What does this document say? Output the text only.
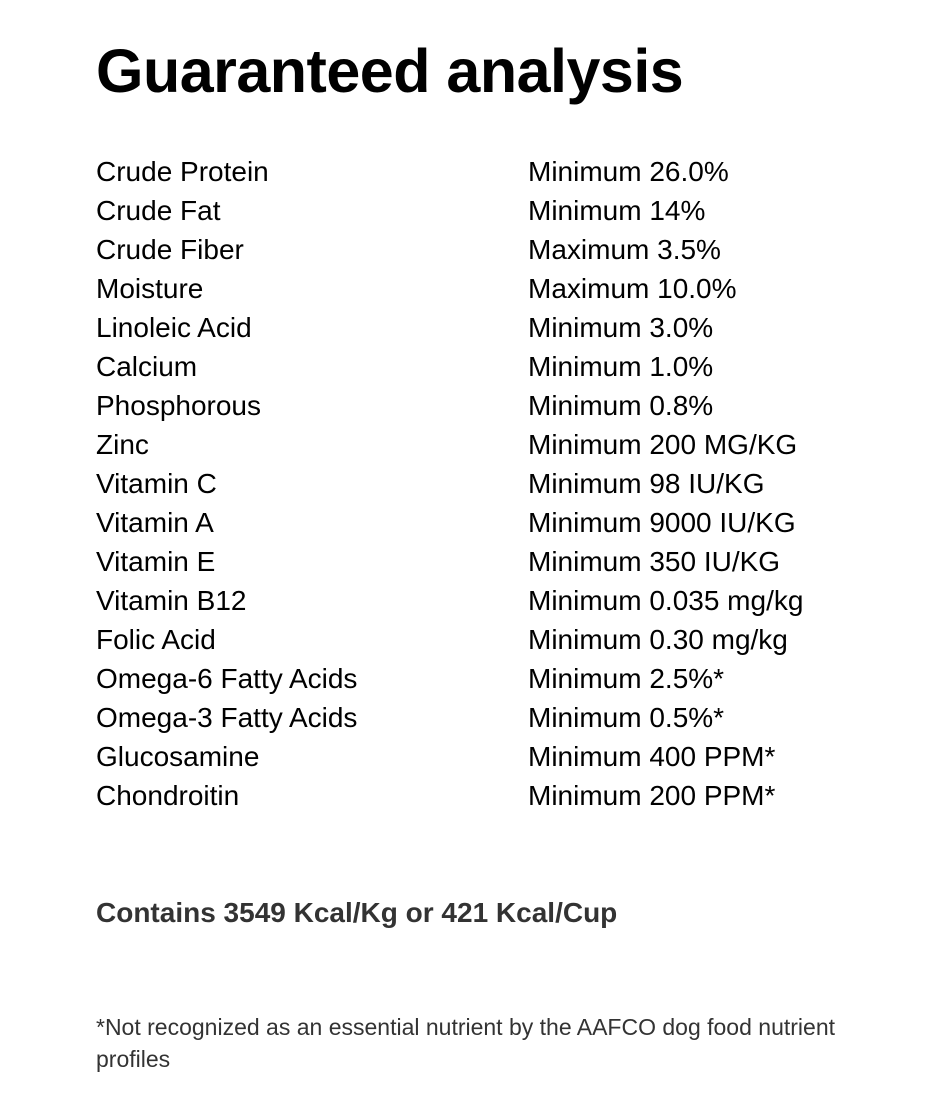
Guaranteed analysis
Crude Protein	Minimum 26.0%
Crude Fat	Minimum 14%
Crude Fiber	Maximum 3.5%
Moisture	Maximum 10.0%
Linoleic Acid	Minimum 3.0%
Calcium	Minimum 1.0%
Phosphorous	Minimum 0.8%
Zinc	Minimum 200 MG/KG
Vitamin C	Minimum 98 IU/KG
Vitamin A	Minimum 9000 IU/KG
Vitamin E	Minimum 350 IU/KG
Vitamin B12	Minimum 0.035 mg/kg
Folic Acid	Minimum 0.30 mg/kg
Omega-6 Fatty Acids	Minimum 2.5%*
Omega-3 Fatty Acids	Minimum 0.5%*
Glucosamine	Minimum 400 PPM*
Chondroitin	Minimum 200 PPM*
Contains 3549 Kcal/Kg or 421 Kcal/Cup
*Not recognized as an essential nutrient by the AAFCO dog food nutrient profiles
